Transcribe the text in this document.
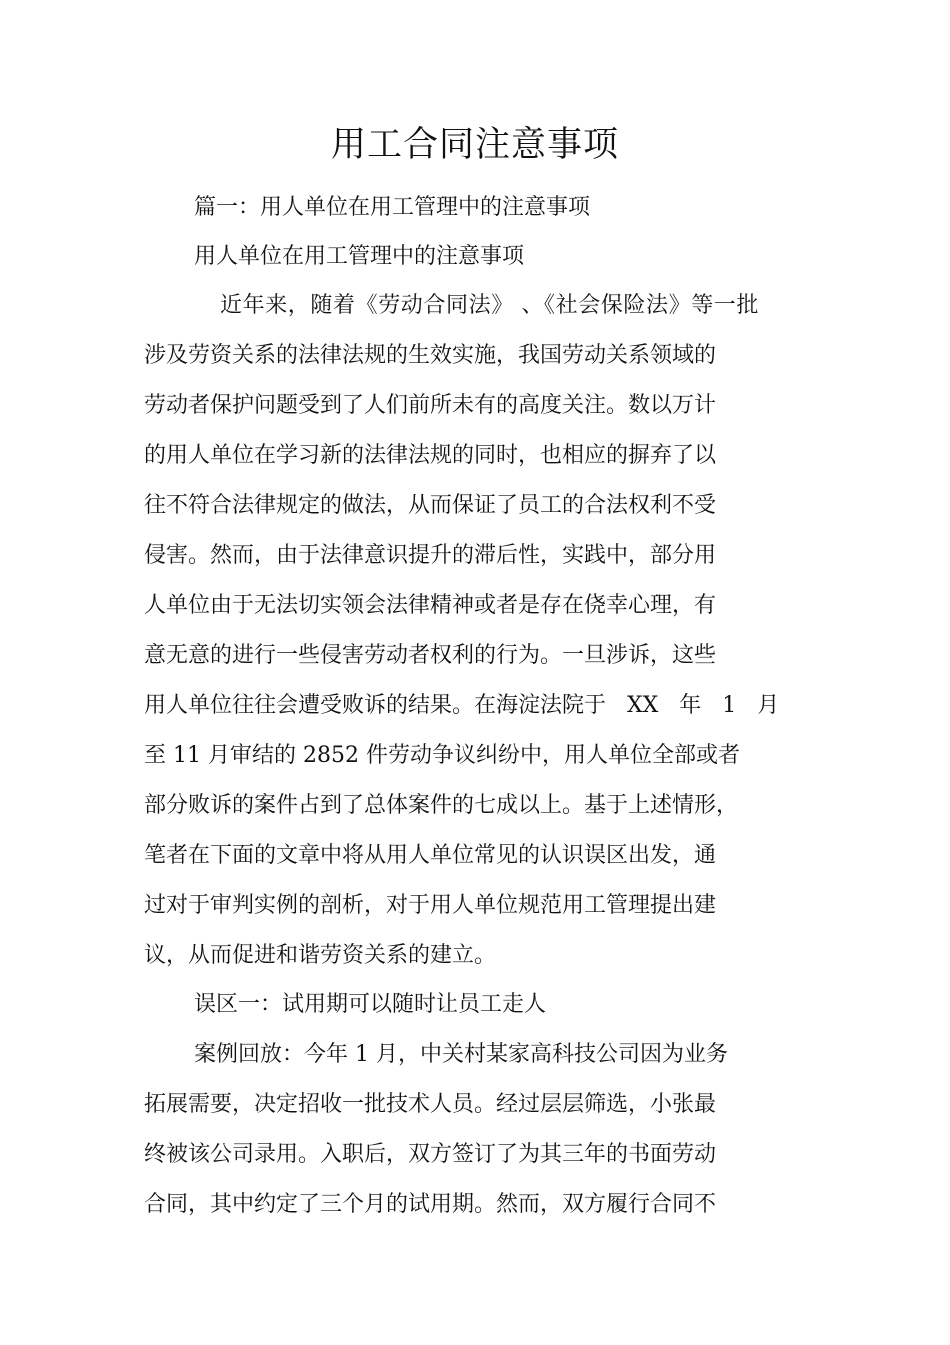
用工合同注意事项

篇一：用人单位在用工管理中的注意事项

用人单位在用工管理中的注意事项

近年来，随着《劳动合同法》 、《社会保险法》等一批

涉及劳资关系的法律法规的生效实施，我国劳动关系领域的

劳动者保护问题受到了人们前所未有的高度关注。数以万计

的用人单位在学习新的法律法规的同时，也相应的摒弃了以

往不符合法律规定的做法，从而保证了员工的合法权利不受

侵害。然而，由于法律意识提升的滞后性，实践中，部分用

人单位由于无法切实领会法律精神或者是存在侥幸心理，有

意无意的进行一些侵害劳动者权利的行为。一旦涉诉，这些

用人单位往往会遭受败诉的结果。在海淀法院于 XX 年 1 月

至 11 月审结的 2852 件劳动争议纠纷中，用人单位全部或者

部分败诉的案件占到了总体案件的七成以上。基于上述情形，

笔者在下面的文章中将从用人单位常见的认识误区出发，通

过对于审判实例的剖析，对于用人单位规范用工管理提出建

议，从而促进和谐劳资关系的建立。

误区一：试用期可以随时让员工走人

案例回放：今年 1 月，中关村某家高科技公司因为业务

拓展需要，决定招收一批技术人员。经过层层筛选，小张最

终被该公司录用。入职后，双方签订了为其三年的书面劳动

合同，其中约定了三个月的试用期。然而，双方履行合同不
